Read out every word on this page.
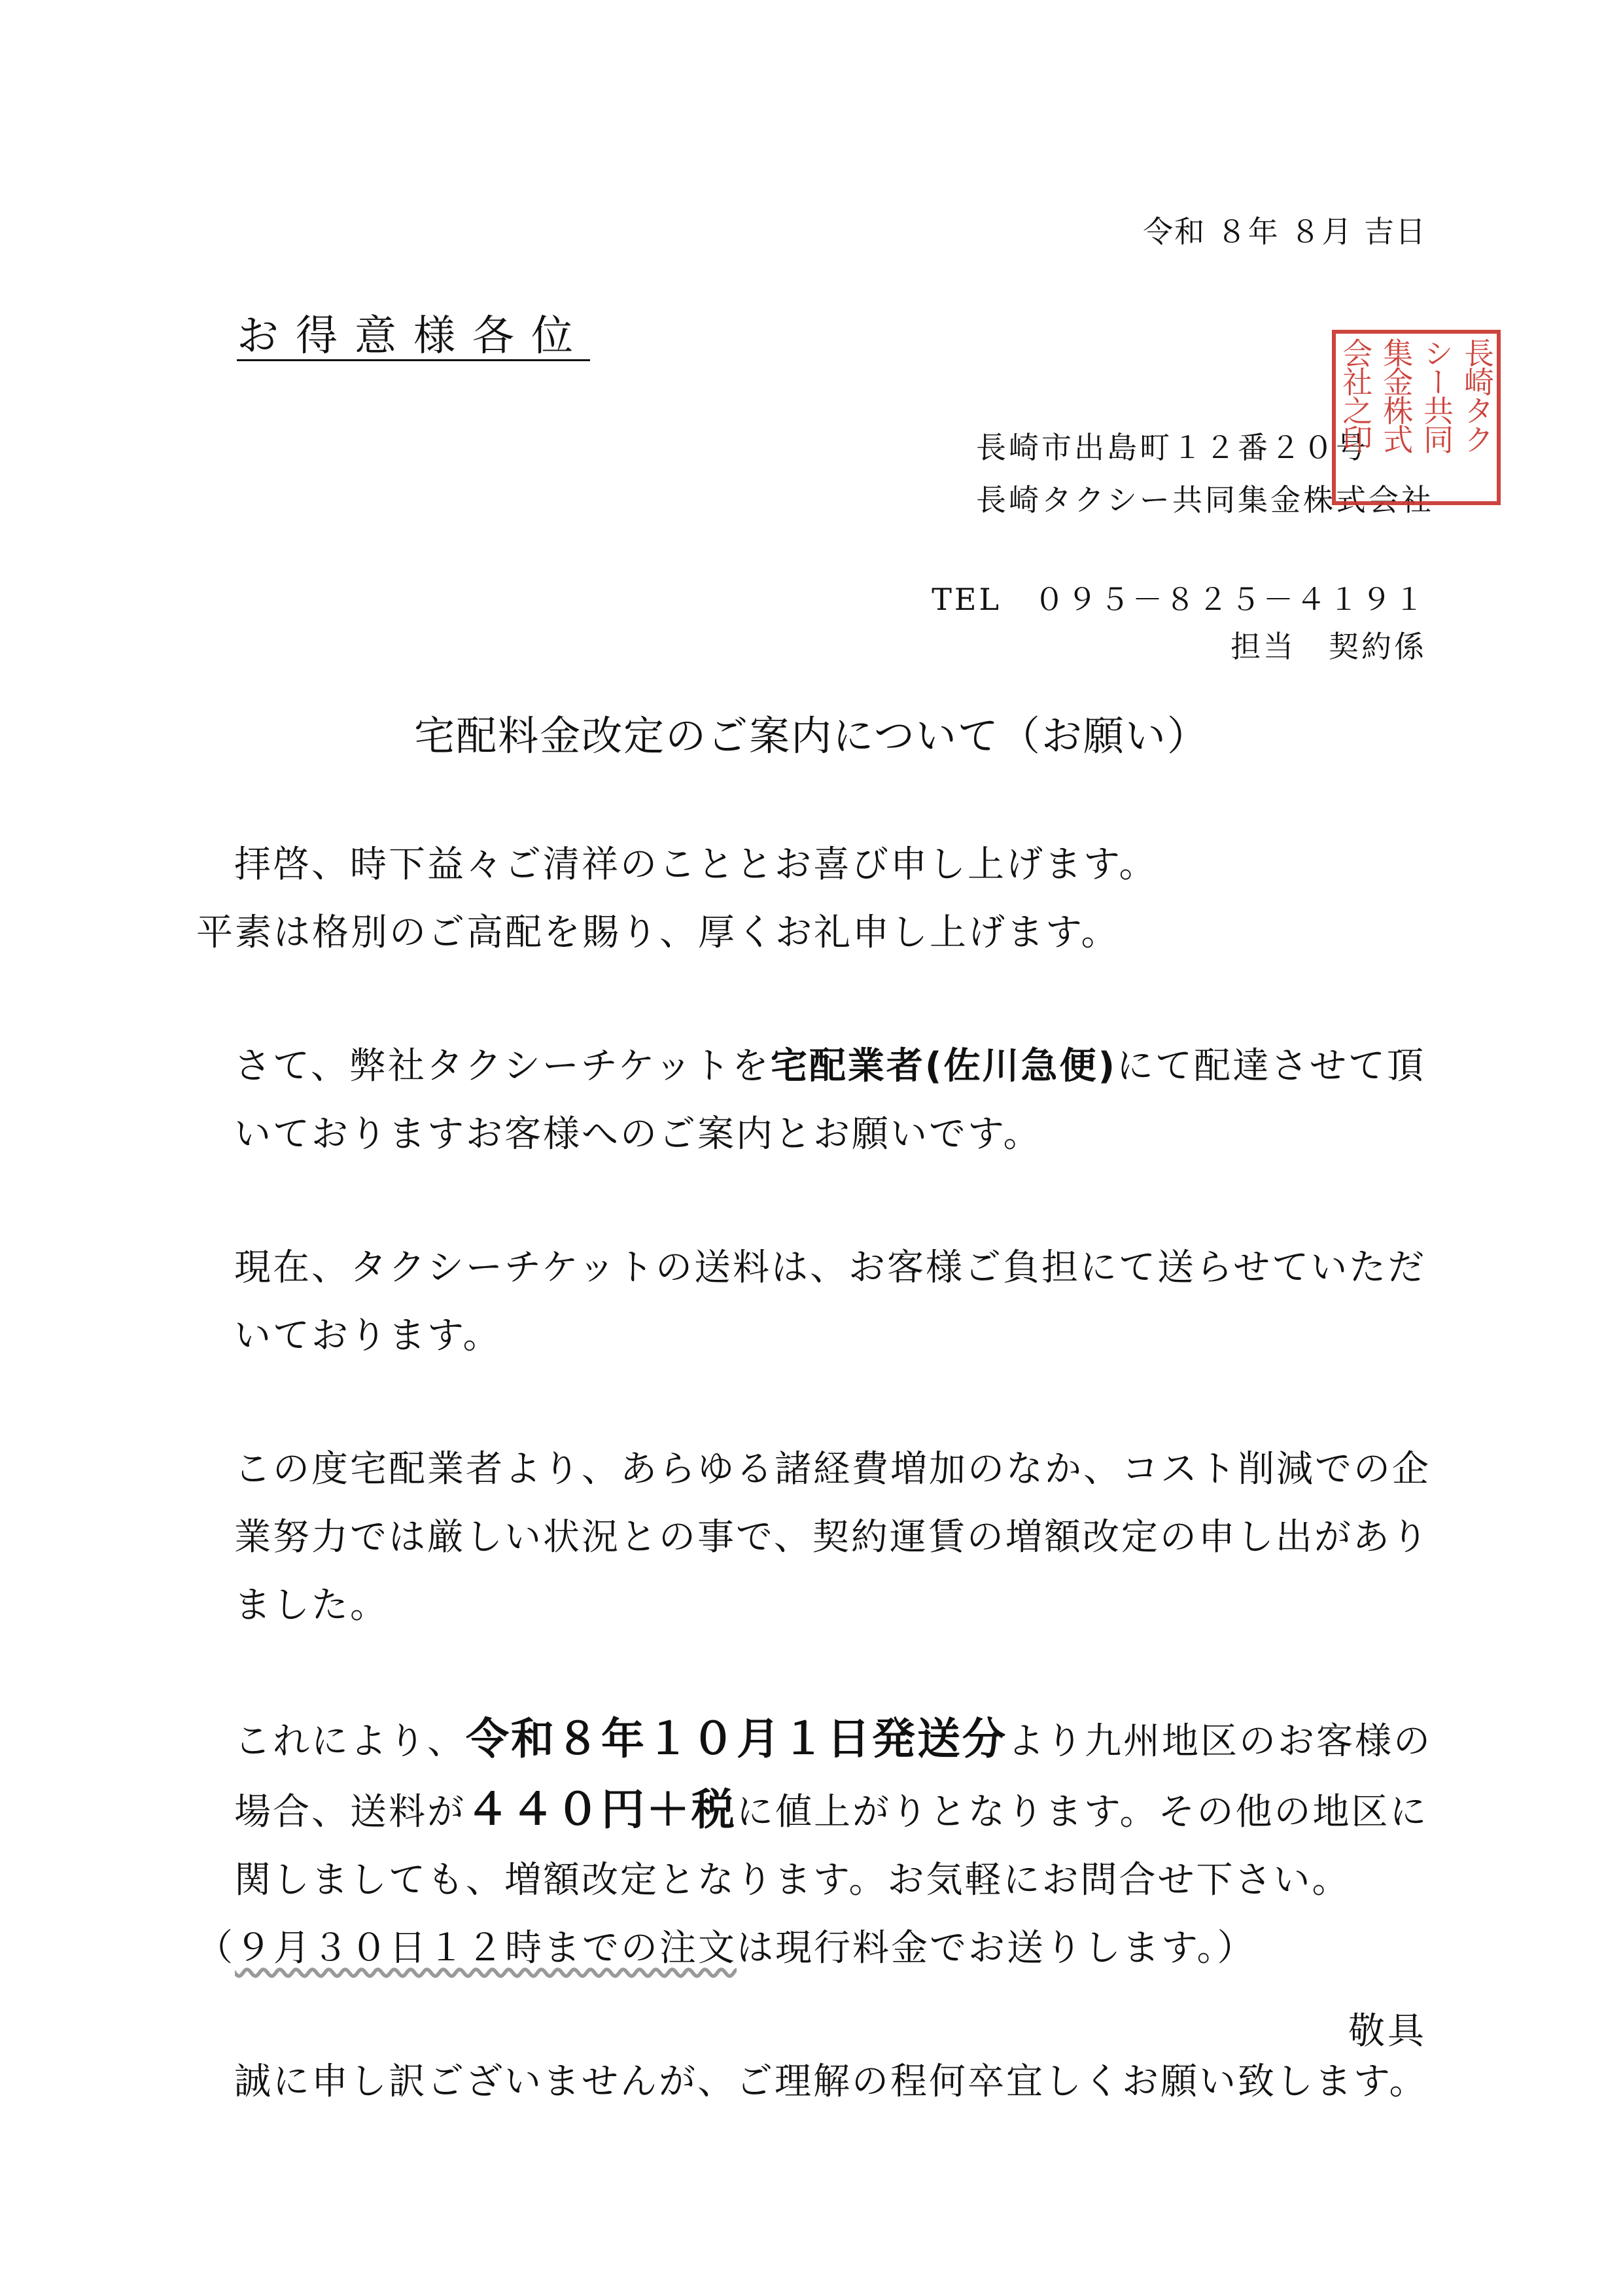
令和 ８年 ８月 吉日
お得意様各位
長崎市出島町１２番２０号
長崎タクシー共同集金株式会社
長崎タク
シー共同
集金株式
会社之印
TEL　０９５－８２５－４１９１
担当　契約係
宅配料金改定のご案内について（お願い）

拝啓、時下益々ご清祥のこととお喜び申し上げます。

平素は格別のご高配を賜り、厚くお礼申し上げます。

さて、弊社タクシーチケットを宅配業者(佐川急便)にて配達させて頂いておりますお客様へのご案内とお願いです。

現在、タクシーチケットの送料は、お客様ご負担にて送らせていただいております。

この度宅配業者より、あらゆる諸経費増加のなか、コスト削減での企業努力では厳しい状況との事で、契約運賃の増額改定の申し出がありました。

これにより、令和８年１０月１日発送分より九州地区のお客様の場合、送料が４４０円＋税に値上がりとなります。その他の地区に関しましても、増額改定となります。お気軽にお問合せ下さい。

（９月３０日１２時までの注文は現行料金でお送りします。）

誠に申し訳ございませんが、ご理解の程何卒宜しくお願い致します。

敬具
